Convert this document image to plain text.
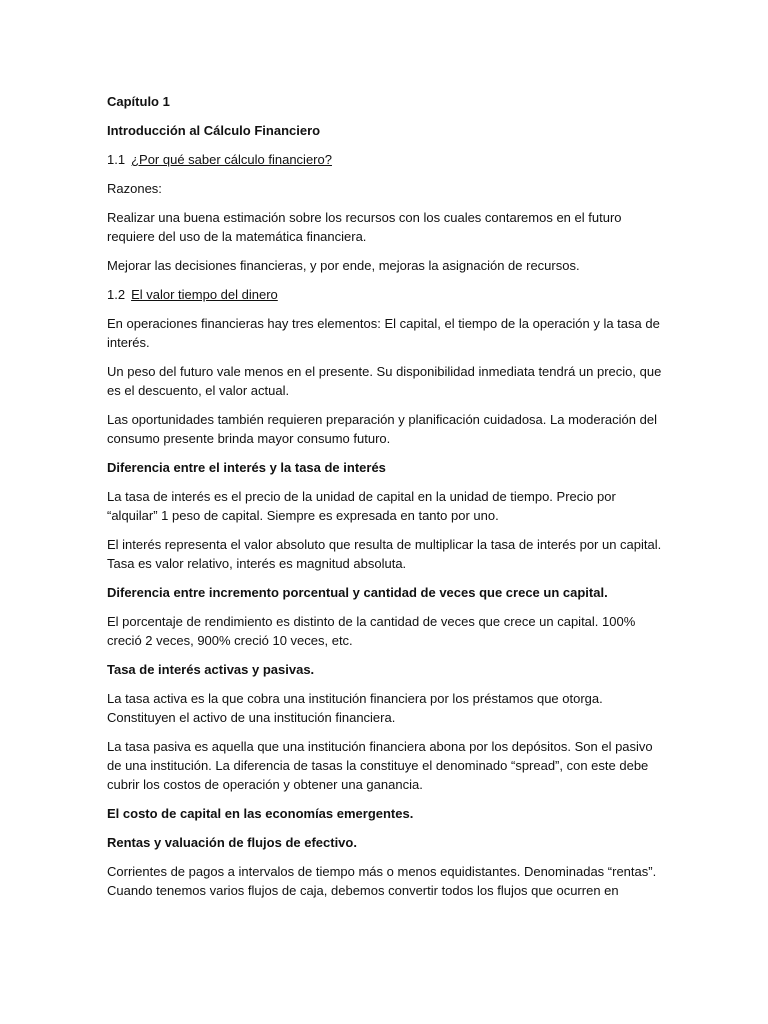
Capítulo 1

Introducción al Cálculo Financiero

1.1 ¿Por qué saber cálculo financiero?

Razones:

Realizar una buena estimación sobre los recursos con los cuales contaremos en el futuro requiere del uso de la matemática financiera.

Mejorar las decisiones financieras, y por ende, mejoras la asignación de recursos.

1.2 El valor tiempo del dinero

En operaciones financieras hay tres elementos: El capital, el tiempo de la operación y la tasa de interés.

Un peso del futuro vale menos en el presente. Su disponibilidad inmediata tendrá un precio, que es el descuento, el valor actual.

Las oportunidades también requieren preparación y planificación cuidadosa. La moderación del consumo presente brinda mayor consumo futuro.

Diferencia entre el interés y la tasa de interés

La tasa de interés es el precio de la unidad de capital en la unidad de tiempo. Precio por “alquilar” 1 peso de capital. Siempre es expresada en tanto por uno.

El interés representa el valor absoluto que resulta de multiplicar la tasa de interés por un capital. Tasa es valor relativo, interés es magnitud absoluta.

Diferencia entre incremento porcentual y cantidad de veces que crece un capital.

El porcentaje de rendimiento es distinto de la cantidad de veces que crece un capital. 100% creció 2 veces, 900% creció 10 veces, etc.

Tasa de interés activas y pasivas.

La tasa activa es la que cobra una institución financiera por los préstamos que otorga. Constituyen el activo de una institución financiera.

La tasa pasiva es aquella que una institución financiera abona por los depósitos. Son el pasivo de una institución. La diferencia de tasas la constituye el denominado “spread”, con este debe cubrir los costos de operación y obtener una ganancia.

El costo de capital en las economías emergentes.

Rentas y valuación de flujos de efectivo.

Corrientes de pagos a intervalos de tiempo más o menos equidistantes. Denominadas “rentas”. Cuando tenemos varios flujos de caja, debemos convertir todos los flujos que ocurren en
